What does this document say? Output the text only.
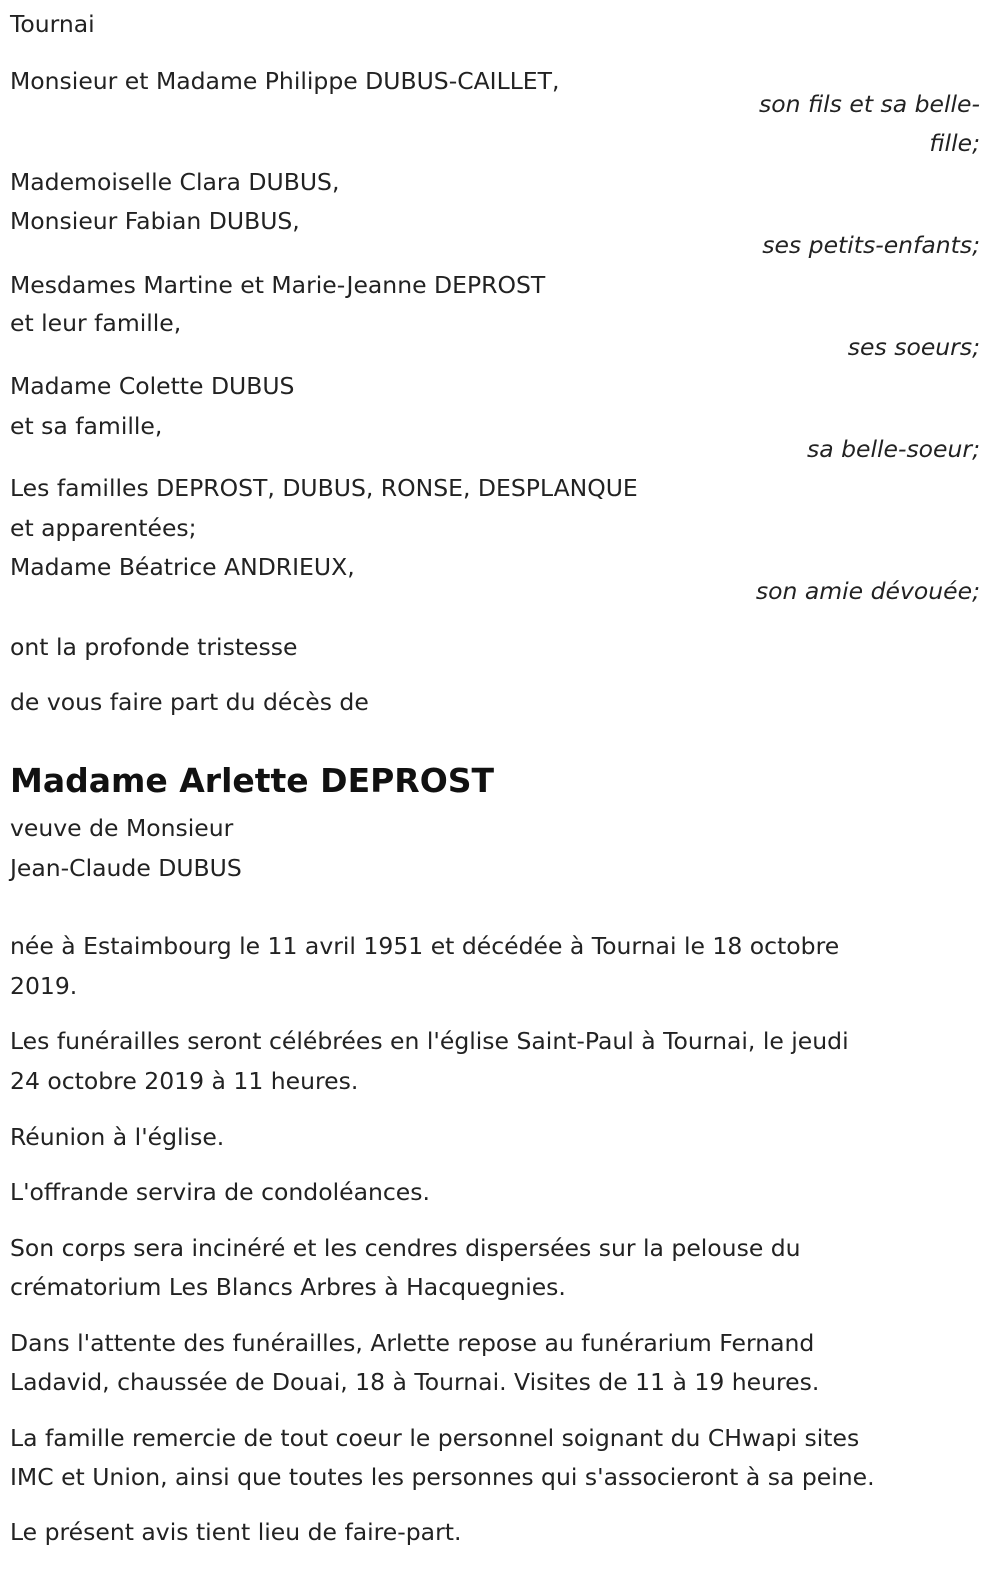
Tournai
Monsieur et Madame Philippe DUBUS-CAILLET,
son fils et sa belle-
fille;
Mademoiselle Clara DUBUS,
Monsieur Fabian DUBUS,
ses petits-enfants;
Mesdames Martine et Marie-Jeanne DEPROST
et leur famille,
ses soeurs;
Madame Colette DUBUS
et sa famille,
sa belle-soeur;
Les familles DEPROST, DUBUS, RONSE, DESPLANQUE
et apparentées;
Madame Béatrice ANDRIEUX,
son amie dévouée;
ont la profonde tristesse
de vous faire part du décès de
Madame Arlette DEPROST
veuve de Monsieur
Jean-Claude DUBUS
née à Estaimbourg le 11 avril 1951 et décédée à Tournai le 18 octobre
2019.
Les funérailles seront célébrées en l'église Saint-Paul à Tournai, le jeudi
24 octobre 2019 à 11 heures.
Réunion à l'église.
L'offrande servira de condoléances.
Son corps sera inciné​ré et les cendres dispersées sur la pelouse du
crématorium Les Blancs Arbres à Hacquegnies.
Dans l'attente des funérailles, Arlette repose au funérarium Fernand
Ladavid, chaussée de Douai, 18 à Tournai. Visites de 11 à 19 heures.
La famille remercie de tout coeur le personnel soignant du CHwapi sites
IMC et Union, ainsi que toutes les personnes qui s'associeront à sa peine.
Le présent avis tient lieu de faire-part.
